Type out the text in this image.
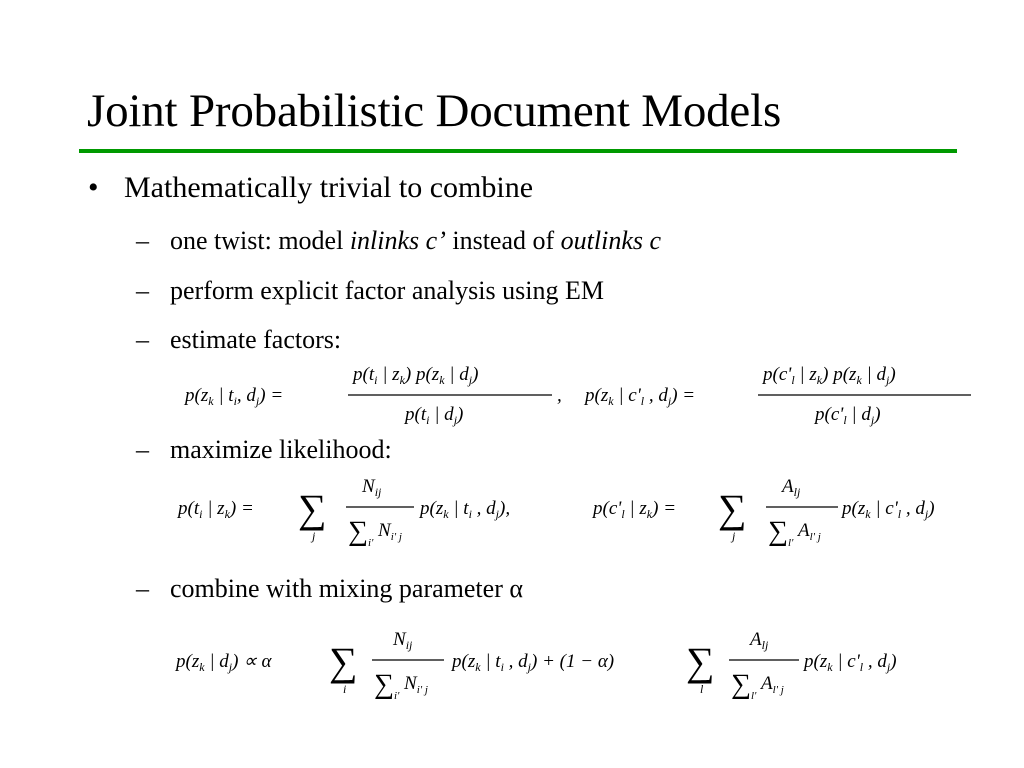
Joint Probabilistic Document Models
• Mathematically trivial to combine
– one twist: model inlinks c’ instead of outlinks c
– perform explicit factor analysis using EM
– estimate factors:
$p(z_k$ | $t_i$, $d_j$) =
$p(t_i$ | $z_k$) $p(z_k$ | $d_j$)
$p(t_i$ | $d_j$)
, $p(z_k$ | $c'_l$ , $d_j$) =
$p(c'_l$ | $z_k$) $p(z_k$ | $d_j$)
$p(c'_l$ | $d_j$)
– maximize likelihood:
$p(t_i$ | $z_k$) = ∑
j
$N_{ij}$
∑ i'
$N_{i' j}$
$p(z_k$ | $t_i$ , $d_j$),	$p(c'_l$ | $z_k$) = ∑
j
$A_{lj}$
∑ l'
$A_{l' j}$
$p(z_k$ | $c'_l$ , $d_j$)
– combine with mixing parameter α
$p(z_k$ | $d_j) \propto \alpha$ ∑
i
$N_{ij}$
∑ i'
$N_{i' j}$
$p(z_k$ | $t_i$ , $d_j) + (1 - \alpha)$ ∑
l
$A_{lj}$
∑ l'
$A_{l' j}$
$p(z_k$ | $c'_l$ , $d_j$)
